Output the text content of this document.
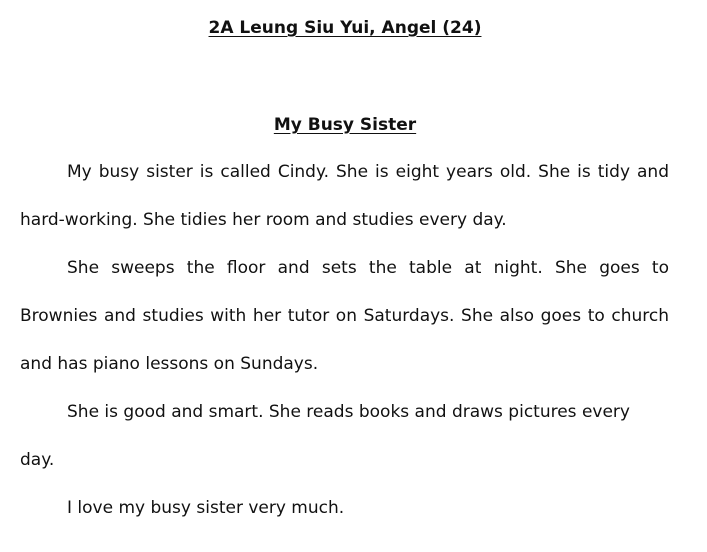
2A Leung Siu Yui, Angel (24)
My Busy Sister

My busy sister is called Cindy. She is eight years old. She is tidy and hard-working. She tidies her room and studies every day.

She sweeps the floor and sets the table at night. She goes to Brownies and studies with her tutor on Saturdays. She also goes to church and has piano lessons on Sundays.

She is good and smart. She reads books and draws pictures every day.

I love my busy sister very much.
